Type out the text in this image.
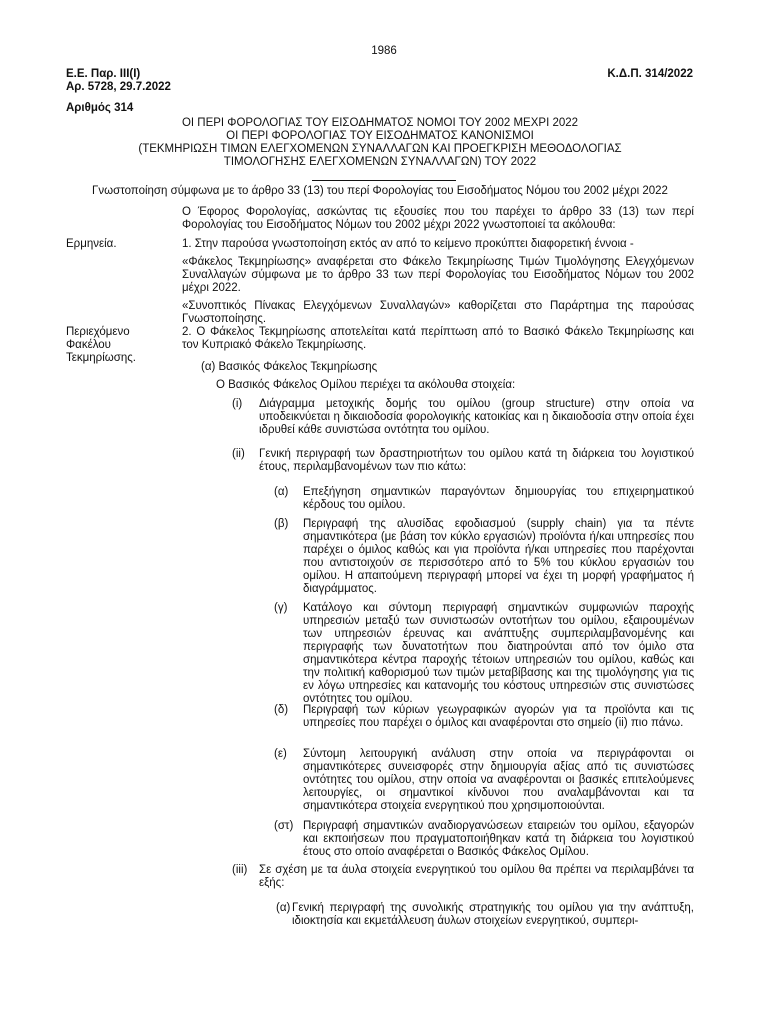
1986
Ε.Ε. Παρ. ΙΙΙ(Ι)
Αρ. 5728, 29.7.2022
Κ.Δ.Π. 314/2022
Αριθμός 314
ΟΙ ΠΕΡΙ ΦΟΡΟΛΟΓΙΑΣ ΤΟΥ ΕΙΣΟΔΗΜΑΤΟΣ ΝΟΜΟΙ ΤΟΥ 2002 ΜΕΧΡΙ 2022
ΟΙ ΠΕΡΙ ΦΟΡΟΛΟΓΙΑΣ ΤΟΥ ΕΙΣΟΔΗΜΑΤΟΣ ΚΑΝΟΝΙΣΜΟΙ
(ΤΕΚΜΗΡΙΩΣΗ ΤΙΜΩΝ ΕΛΕΓΧΟΜΕΝΩΝ ΣΥΝΑΛΛΑΓΩΝ ΚΑΙ ΠΡΟΕΓΚΡΙΣΗ ΜΕΘΟΔΟΛΟΓΙΑΣ
ΤΙΜΟΛΟΓΗΣΗΣ ΕΛΕΓΧΟΜΕΝΩΝ ΣΥΝΑΛΛΑΓΩΝ) ΤΟΥ 2022
Γνωστοποίηση σύμφωνα με το άρθρο 33 (13) του περί Φορολογίας του Εισοδήματος Νόμου του 2002 μέχρι 2022
Ο Έφορος Φορολογίας, ασκώντας τις εξουσίες που του παρέχει το άρθρο 33 (13) των περί Φορολογίας του Εισοδήματος Νόμων του 2002 μέχρι 2022 γνωστοποιεί τα ακόλουθα:
Ερμηνεία.
Περιεχόμενο
Φακέλου
Τεκμηρίωσης.
1. Στην παρούσα γνωστοποίηση εκτός αν από το κείμενο προκύπτει διαφορετική έννοια -
«Φάκελος Τεκμηρίωσης» αναφέρεται στο Φάκελο Τεκμηρίωσης Τιμών Τιμολόγησης Ελεγχόμενων Συναλλαγών σύμφωνα με το άρθρο 33 των περί Φορολογίας του Εισοδήματος Νόμων του 2002 μέχρι 2022.
«Συνοπτικός Πίνακας Ελεγχόμενων Συναλλαγών» καθορίζεται στο Παράρτημα της παρούσας Γνωστοποίησης.
2. Ο Φάκελος Τεκμηρίωσης αποτελείται κατά περίπτωση από το Βασικό Φάκελο Τεκμηρίωσης και τον Κυπριακό Φάκελο Τεκμηρίωσης.
(α) Βασικός Φάκελος Τεκμηρίωσης
Ο Βασικός Φάκελος Ομίλου περιέχει τα ακόλουθα στοιχεία:
(i) Διάγραμμα μετοχικής δομής του ομίλου (group structure) στην οποία να υποδεικνύεται η δικαιοδοσία φορολογικής κατοικίας και η δικαιοδοσία στην οποία έχει ιδρυθεί κάθε συνιστώσα οντότητα του ομίλου.
(ii) Γενική περιγραφή των δραστηριοτήτων του ομίλου κατά τη διάρκεια του λογιστικού έτους, περιλαμβανομένων των πιο κάτω:
(α) Επεξήγηση σημαντικών παραγόντων δημιουργίας του επιχειρηματικού κέρδους του ομίλου.
(β) Περιγραφή της αλυσίδας εφοδιασμού (supply chain) για τα πέντε σημαντικότερα (με βάση τον κύκλο εργασιών) προϊόντα ή/και υπηρεσίες που παρέχει ο όμιλος καθώς και για προϊόντα ή/και υπηρεσίες που παρέχονται που αντιστοιχούν σε περισσότερο από το 5% του κύκλου εργασιών του ομίλου. Η απαιτούμενη περιγραφή μπορεί να έχει τη μορφή γραφήματος ή διαγράμματος.
(γ) Κατάλογο και σύντομη περιγραφή σημαντικών συμφωνιών παροχής υπηρεσιών μεταξύ των συνιστωσών οντοτήτων του ομίλου, εξαιρουμένων των υπηρεσιών έρευνας και ανάπτυξης συμπεριλαμβανομένης και περιγραφής των δυνατοτήτων που διατηρούνται από τον όμιλο στα σημαντικότερα κέντρα παροχής τέτοιων υπηρεσιών του ομίλου, καθώς και την πολιτική καθορισμού των τιμών μεταβίβασης και της τιμολόγησης για τις εν λόγω υπηρεσίες και κατανομής του κόστους υπηρεσιών στις συνιστώσες οντότητες του ομίλου.
(δ) Περιγραφή των κύριων γεωγραφικών αγορών για τα προϊόντα και τις υπηρεσίες που παρέχει ο όμιλος και αναφέρονται στο σημείο (ii) πιο πάνω.
(ε) Σύντομη λειτουργική ανάλυση στην οποία να περιγράφονται οι σημαντικότερες συνεισφορές στην δημιουργία αξίας από τις συνιστώσες οντότητες του ομίλου, στην οποία να αναφέρονται οι βασικές επιτελούμενες λειτουργίες, οι σημαντικοί κίνδυνοι που αναλαμβάνονται και τα σημαντικότερα στοιχεία ενεργητικού που χρησιμοποιούνται.
(στ) Περιγραφή σημαντικών αναδιοργανώσεων εταιρειών του ομίλου, εξαγορών και εκποιήσεων που πραγματοποιήθηκαν κατά τη διάρκεια του λογιστικού έτους στο οποίο αναφέρεται ο Βασικός Φάκελος Ομίλου.
(iii) Σε σχέση με τα άυλα στοιχεία ενεργητικού του ομίλου θα πρέπει να περιλαμβάνει τα εξής:
(α) Γενική περιγραφή της συνολικής στρατηγικής του ομίλου για την ανάπτυξη, ιδιοκτησία και εκμετάλλευση άυλων στοιχείων ενεργητικού, συμπερι-
